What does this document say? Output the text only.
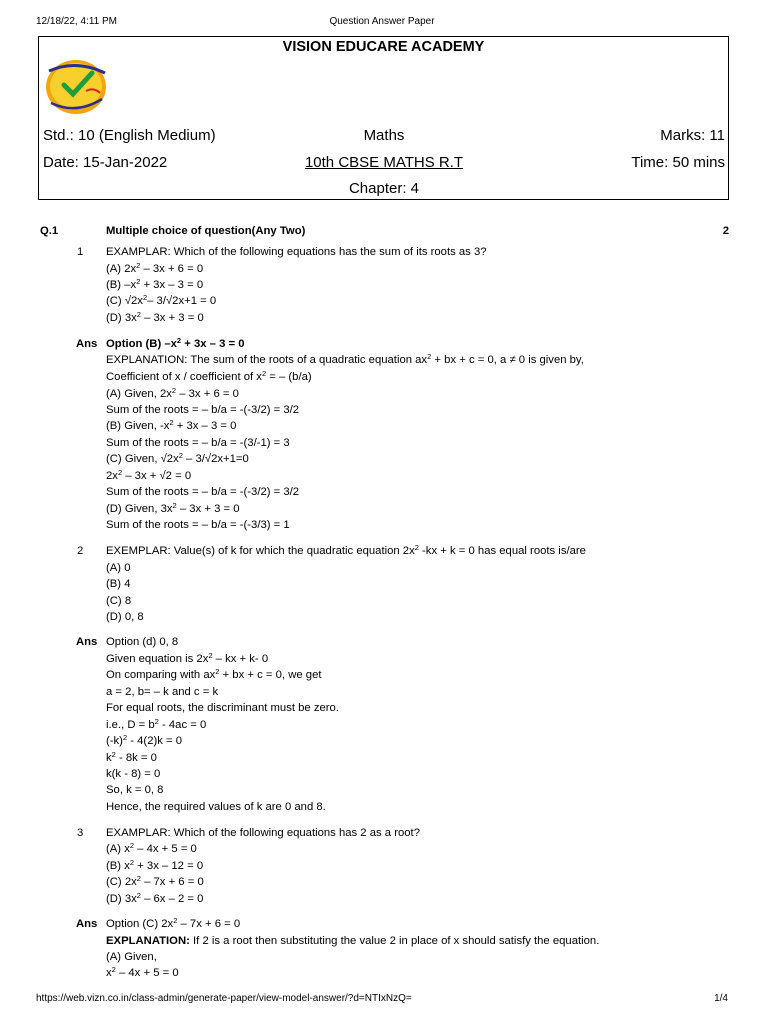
12/18/22, 4:11 PM	Question Answer Paper
VISION EDUCARE ACADEMY
Std.: 10 (English Medium)	Maths	Marks: 11
Date: 15-Jan-2022	10th CBSE MATHS R.T	Time: 50 mins
Chapter: 4
Q.1	Multiple choice of question(Any Two)	2
1 EXAMPLAR: Which of the following equations has the sum of its roots as 3?
(A) $2x^2 - 3x + 6 = 0$
(B) $-x^2 + 3x - 3 = 0$
(C) $√2x^2-$ 3/√2x+1 = 0
(D) $3x^2 - 3x + 3 = 0$
Ans Option (B) $-x^2 + 3x - 3 = 0$
EXPLANATION: The sum of the roots of a quadratic equation $ax^2$ + bx + c = 0, a ≠ 0 is given by,
Coefficient of x / coefficient of $x^2$ = – (b/a)
(A) Given, $2x^2 - 3x + 6 = 0$
Sum of the roots = – b/a = -(-3/2) = 3/2
(B) Given, $-x^2 + 3x - 3 = 0$
Sum of the roots = – b/a = -(3/-1) = 3
(C) Given, $√2x^2 - 3/√2x+1=0$
$2x^2 - 3x + √2 = 0$
Sum of the roots = – b/a = -(-3/2) = 3/2
(D) Given, $3x^2 - 3x + 3 = 0$
Sum of the roots = – b/a = -(-3/3) = 1
2 EXEMPLAR: Value(s) of k for which the quadratic equation $2x^2$ -kx + k = 0 has equal roots is/are
(A) 0
(B) 4
(C) 8
(D) 0, 8
Ans Option (d) 0, 8
Given equation is $2x^2$ – kx + k- 0
On comparing with $ax^2$ + bx + c = 0, we get
a = 2, b= – k and c = k
For equal roots, the discriminant must be zero.
i.e., $D = b^2 - 4ac = 0$
$(-k)^2 - 4(2)k = 0$
$k^2 - 8k = 0$
k(k - 8) = 0
So, k = 0, 8
Hence, the required values of k are 0 and 8.
3 EXAMPLAR: Which of the following equations has 2 as a root?
(A) $x^2 - 4x + 5 = 0$
(B) $x^2 + 3x - 12 = 0$
(C) $2x^2 - 7x + 6 = 0$
(D) $3x^2 - 6x - 2 = 0$
Ans Option (C) $2x^2 - 7x + 6 = 0$
EXPLANATION: If 2 is a root then substituting the value 2 in place of x should satisfy the equation.
(A) Given,
$x^2 - 4x + 5 = 0$
https://web.vizn.co.in/class-admin/generate-paper/view-model-answer/?d=NTIxNzQ=	1/4
